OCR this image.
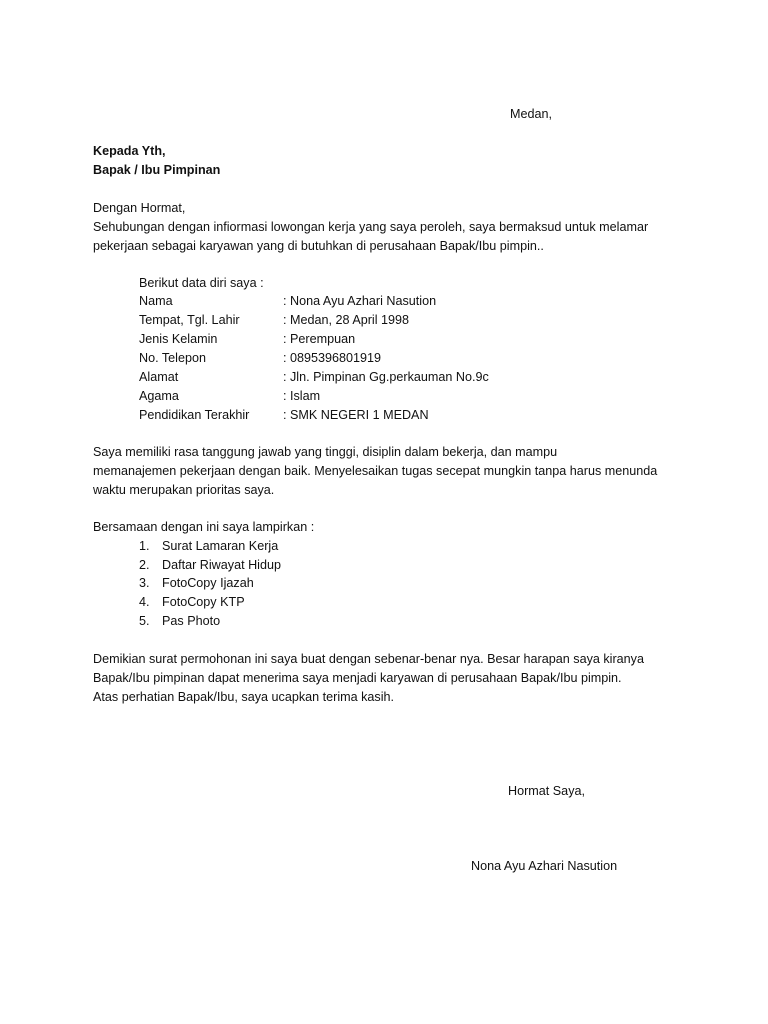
Medan,
Kepada Yth,
Bapak / Ibu Pimpinan
Dengan Hormat,
Sehubungan dengan infiormasi lowongan kerja yang saya peroleh, saya bermaksud untuk melamar
pekerjaan sebagai karyawan yang di butuhkan di perusahaan Bapak/Ibu pimpin..
Berikut data diri saya :
Nama	: Nona Ayu Azhari Nasution
Tempat, Tgl. Lahir	: Medan, 28 April 1998
Jenis Kelamin	: Perempuan
No. Telepon	: 0895396801919
Alamat	: Jln. Pimpinan Gg.perkauman No.9c
Agama	: Islam
Pendidikan Terakhir	: SMK NEGERI 1 MEDAN
Saya memiliki rasa tanggung jawab yang tinggi, disiplin dalam bekerja, dan mampu
memanajemen pekerjaan dengan baik. Menyelesaikan tugas secepat mungkin tanpa harus menunda
waktu merupakan prioritas saya.
Bersamaan dengan ini saya lampirkan :
1. Surat Lamaran Kerja
2. Daftar Riwayat Hidup
3. FotoCopy Ijazah
4. FotoCopy KTP
5. Pas Photo
Demikian surat permohonan ini saya buat dengan sebenar-benar nya. Besar harapan saya kiranya
Bapak/Ibu pimpinan dapat menerima saya menjadi karyawan di perusahaan Bapak/Ibu pimpin.
Atas perhatian Bapak/Ibu, saya ucapkan terima kasih.
Hormat Saya,
Nona Ayu Azhari Nasution
